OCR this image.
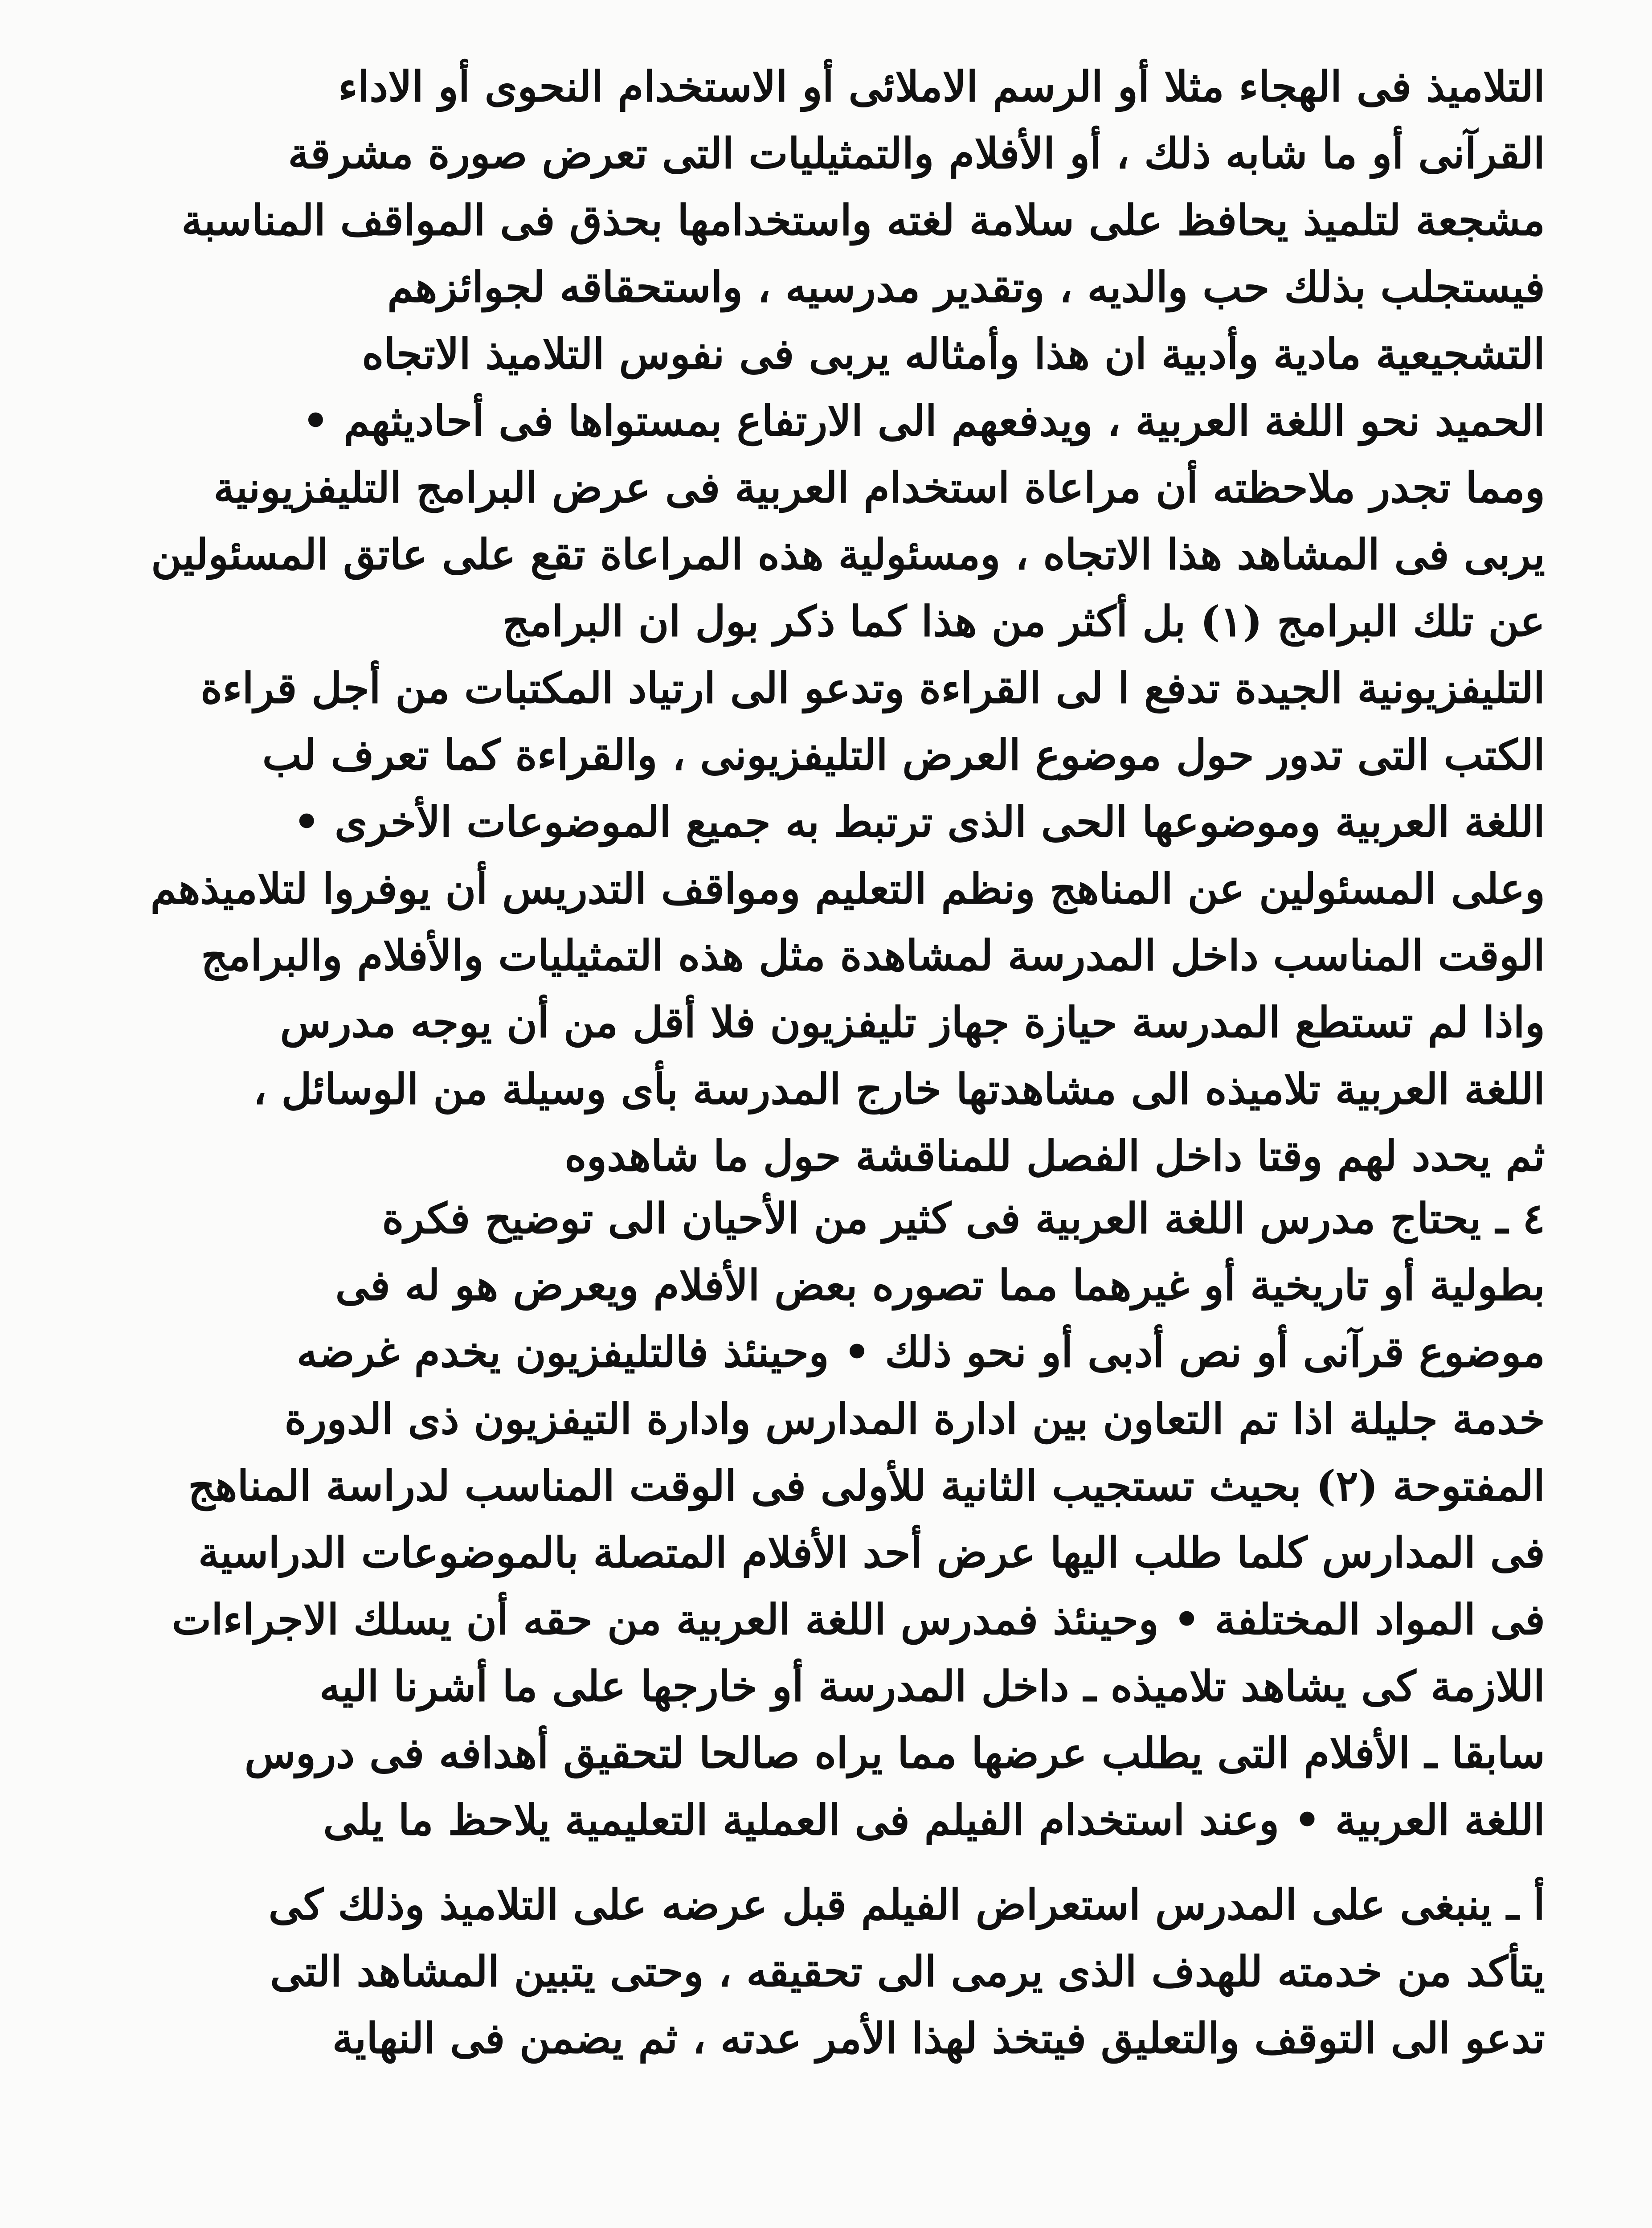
التلاميذ فى الهجاء مثلا أو الرسم الاملائى أو الاستخدام النحوى أو الاداء
القرآنى أو ما شابه ذلك ، أو الأفلام والتمثيليات التى تعرض صورة مشرقة
مشجعة لتلميذ يحافظ على سلامة لغته واستخدامها بحذق فى المواقف المناسبة
فيستجلب بذلك حب والديه ، وتقدير مدرسيه ، واستحقاقه لجوائزهم
التشجيعية مادية وأدبية ان هذا وأمثاله يربى فى نفوس التلاميذ الاتجاه
الحميد نحو اللغة العربية ، ويدفعهم الى الارتفاع بمستواها فى أحاديثهم •
ومما تجدر ملاحظته أن مراعاة استخدام العربية فى عرض البرامج التليفزيونية
يربى فى المشاهد هذا الاتجاه ، ومسئولية هذه المراعاة تقع على عاتق المسئولين
عن تلك البرامج (١) بل أكثر من هذا كما ذكر بول ان البرامج
التليفزيونية الجيدة تدفع ا لى القراءة وتدعو الى ارتياد المكتبات من أجل قراءة
الكتب التى تدور حول موضوع العرض التليفزيونى ، والقراءة كما تعرف لب
اللغة العربية وموضوعها الحى الذى ترتبط به جميع الموضوعات الأخرى •
وعلى المسئولين عن المناهج ونظم التعليم ومواقف التدريس أن يوفروا لتلاميذهم
الوقت المناسب داخل المدرسة لمشاهدة مثل هذه التمثيليات والأفلام والبرامج
واذا لم تستطع المدرسة حيازة جهاز تليفزيون فلا أقل من أن يوجه مدرس
اللغة العربية تلاميذه الى مشاهدتها خارج المدرسة بأى وسيلة من الوسائل ،
ثم يحدد لهم وقتا داخل الفصل للمناقشة حول ما شاهدوه
٤ ـ يحتاج مدرس اللغة العربية فى كثير من الأحيان الى توضيح فكرة
بطولية أو تاريخية أو غيرهما مما تصوره بعض الأفلام ويعرض هو له فى
موضوع قرآنى أو نص أدبى أو نحو ذلك • وحينئذ فالتليفزيون يخدم غرضه
خدمة جليلة اذا تم التعاون بين ادارة المدارس وادارة التيفزيون ذى الدورة
المفتوحة (٢) بحيث تستجيب الثانية للأولى فى الوقت المناسب لدراسة المناهج
فى المدارس كلما طلب اليها عرض أحد الأفلام المتصلة بالموضوعات الدراسية
فى المواد المختلفة • وحينئذ فمدرس اللغة العربية من حقه أن يسلك الاجراءات
اللازمة كى يشاهد تلاميذه ـ داخل المدرسة أو خارجها على ما أشرنا اليه
سابقا ـ الأفلام التى يطلب عرضها مما يراه صالحا لتحقيق أهدافه فى دروس
اللغة العربية • وعند استخدام الفيلم فى العملية التعليمية يلاحظ ما يلى
أ ـ ينبغى على المدرس استعراض الفيلم قبل عرضه على التلاميذ وذلك كى
يتأكد من خدمته للهدف الذى يرمى الى تحقيقه ، وحتى يتبين المشاهد التى
تدعو الى التوقف والتعليق فيتخذ لهذا الأمر عدته ، ثم يضمن فى النهاية
